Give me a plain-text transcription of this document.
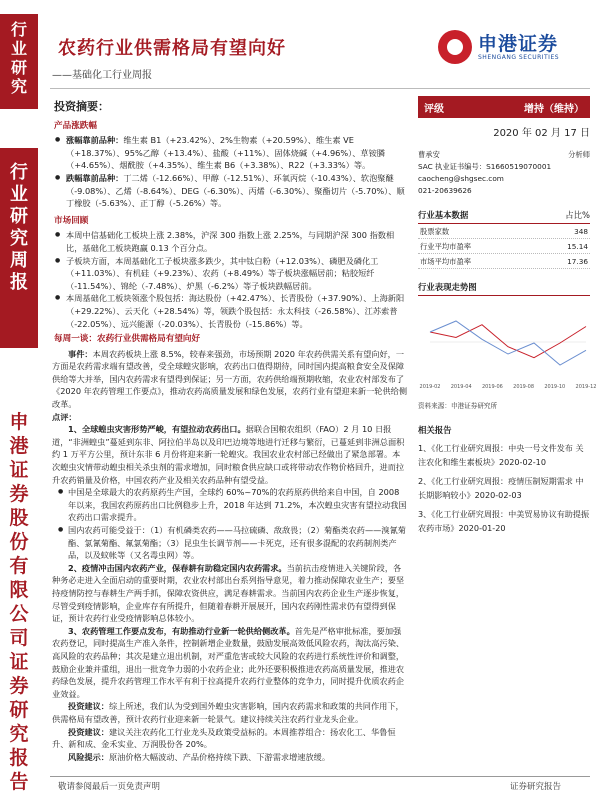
行
业
研
究
行
业
研
究
周
报
申
港
证
券
股
份
有
限
公
司
证
券
研
究
报
告
农药行业供需格局有望向好
——基础化工行业周报
申港证券
SHENGANG SECURITIES
投资摘要：
产品涨跌幅

● 涨幅靠前品种：维生素 B1（+23.42%）、2%生物素（+20.59%）、维生素 VE（+18.37%）、95%乙醇（+13.4%）、盐酸（+11%）、固体烧碱（+4.96%）、草铵膦（+4.65%）、烟酰胺（+4.35%）、维生素 B6（+3.38%）、R22（+3.33%）等。

● 跌幅靠前品种：丁二烯（-12.66%）、甲醇（-12.51%）、环氧丙烷（-10.43%）、软泡聚醚（-9.08%）、乙烯（-8.64%）、DEG（-6.30%）、丙烯（-6.30%）、聚酯切片（-5.70%）、顺丁橡胶（-5.63%）、正丁醇（-5.26%）等。

市场回顾

● 本周中信基础化工板块上涨 2.38%，沪深 300 指数上涨 2.25%，与同期沪深 300 指数相比，基础化工板块跑赢 0.13 个百分点。

● 子板块方面，本周基础化工子板块涨多跌少，其中钛白粉（+12.03%）、磷肥及磷化工（+11.03%）、有机硅（+9.23%）、农药（+8.49%）等子板块涨幅居前；粘胶短纤（-11.54%）、锦纶（-7.48%）、炉黑（-6.2%）等子板块跌幅居前。

● 本周基础化工板块领涨个股包括：海达股份（+42.47%）、长青股份（+37.90%）、上海新阳（+29.22%）、云天化（+28.54%）等，领跌个股包括：永太科技（-26.58%）、江苏索普（-22.05%）、远兴能源（-20.03%）、长青股份（-15.86%）等。

每周一谈：农药行业供需格局有望向好

事件：本周农药板块上涨 8.5%，较春来强劲，市场预期 2020 年农药供需关系有望向好，一方面是农药需求端有望改善，受全球蝗灾影响，农药出口值得期待，同时国内提高粮食安全及保障供给等大并举，国内农药需求有望得到保证；另一方面，农药供给端预期收缩，农业农村部发布了《2020 年农药管理工作要点》，推动农药高质量发展和绿色发展，农药行业有望迎来新一轮供给侧改革。

点评：

1、全球蝗虫灾害形势严峻，有望拉动农药出口。据联合国粮农组织（FAO）2 月 10 日报道，“非洲蝗虫”蔓延到东非、阿拉伯半岛以及印巴边境等地进行迁移与繁衍，已蔓延到非洲总面积约 1 万平方公里，预计东非 6 月份将迎来新一轮蝗灾。我国农业农村部已经做出了紧急部署。本次蝗虫灾情带动蝗虫相关杀虫剂的需求增加，同时粮食供应缺口或将带动农作物价格回升，进而拉升农药销量及价格，中国农药产业及相关农药品种有望受益。

● 中国是全球最大的农药原药生产国，全球约 60%~70%的农药原药供给来自中国，自 2008 年以来，我国农药原药出口比例稳步上升，2018 年达到 71.2%，本次蝗虫灾害有望拉动我国农药出口需求提升。

● 国内农药可能受益于：（1）有机磷类农药——马拉硫磷、敌敌畏；（2）菊酯类农药——溴氰菊酯、氯氰菊酯、氟氯菊酯；（3）昆虫生长调节剂——卡死克，还有很多混配的农药制剂类产品，以及蚊帐等（又名毒虫网）等。

2、疫情冲击国内农药产业，保春耕有助稳定国内农药需求。当前抗击疫情进入关键阶段，各种务必走进入全面启动的重要时期，农业农村部出台系列指导意见，着力推动保障农业生产；要坚持疫情防控与春耕生产两手抓，保障农资供应，满足春耕需求。当前国内农药企业生产逐步恢复，尽管受到疫情影响，企业库存有所提升，但随着春耕开展展开，国内农药刚性需求仍有望得到保证，预计农药行业受疫情影响总体较小。

3、农药管理工作要点发布，有助推动行业新一轮供给侧改革。首先是严格审批标准，要加强农药登记，同时提高生产准入条件，控制新增企业数量，鼓励发展高效低风险农药，淘汰高污染、高风险的农药品种；其次是建立退出机制，对严重危害或较大风险的农药进行系统性评价和调整，鼓励企业兼并重组，退出一批竞争力弱的小农药企业；此外还要积极推进农药高质量发展，推进农药绿色发展，提升农药管理工作水平有利于拉高提升农药行业整体的竞争力，同时提升优质农药企业效益。

投资建议：综上所述，我们认为受到国外蝗虫灾害影响，国内农药需求和政策的共同作用下，供需格局有望改善，预计农药行业迎来新一轮景气。建议持续关注农药行业龙头企业。

投资建议：建议关注农药化工行业龙头及政策受益标的。本周推荐组合：扬农化工、华鲁恒升、新和成、金禾实业、万润股份各 20%。

风险提示：原油价格大幅波动、产品价格持续下跌、下游需求增速放缓。

评级	增持（维持）
2020 年 02 月 17 日
曹承安	分析师
SAC 执业证书编号：S1660519070001
caocheng@shgsec.com
021-20639626
行业基本数据	占比%
股票家数	348
行业平均市盈率	15.14
市场平均市盈率	17.36
行业表现走势图
2019-02 2019-04 2019-06 2019-08 2019-10 2019-12
资料来源：申港证券研究所
相关报告
1、《化工行业研究周报：中央一号文件发布 关注农化和维生素板块》2020-02-10
2、《化工行业研究周报：疫情压制短期需求 中长期影响较小》2020-02-03
3、《化工行业研究周报：中美贸易协议有助提振农药市场》2020-01-20
敬请参阅最后一页免责声明	证券研究报告
